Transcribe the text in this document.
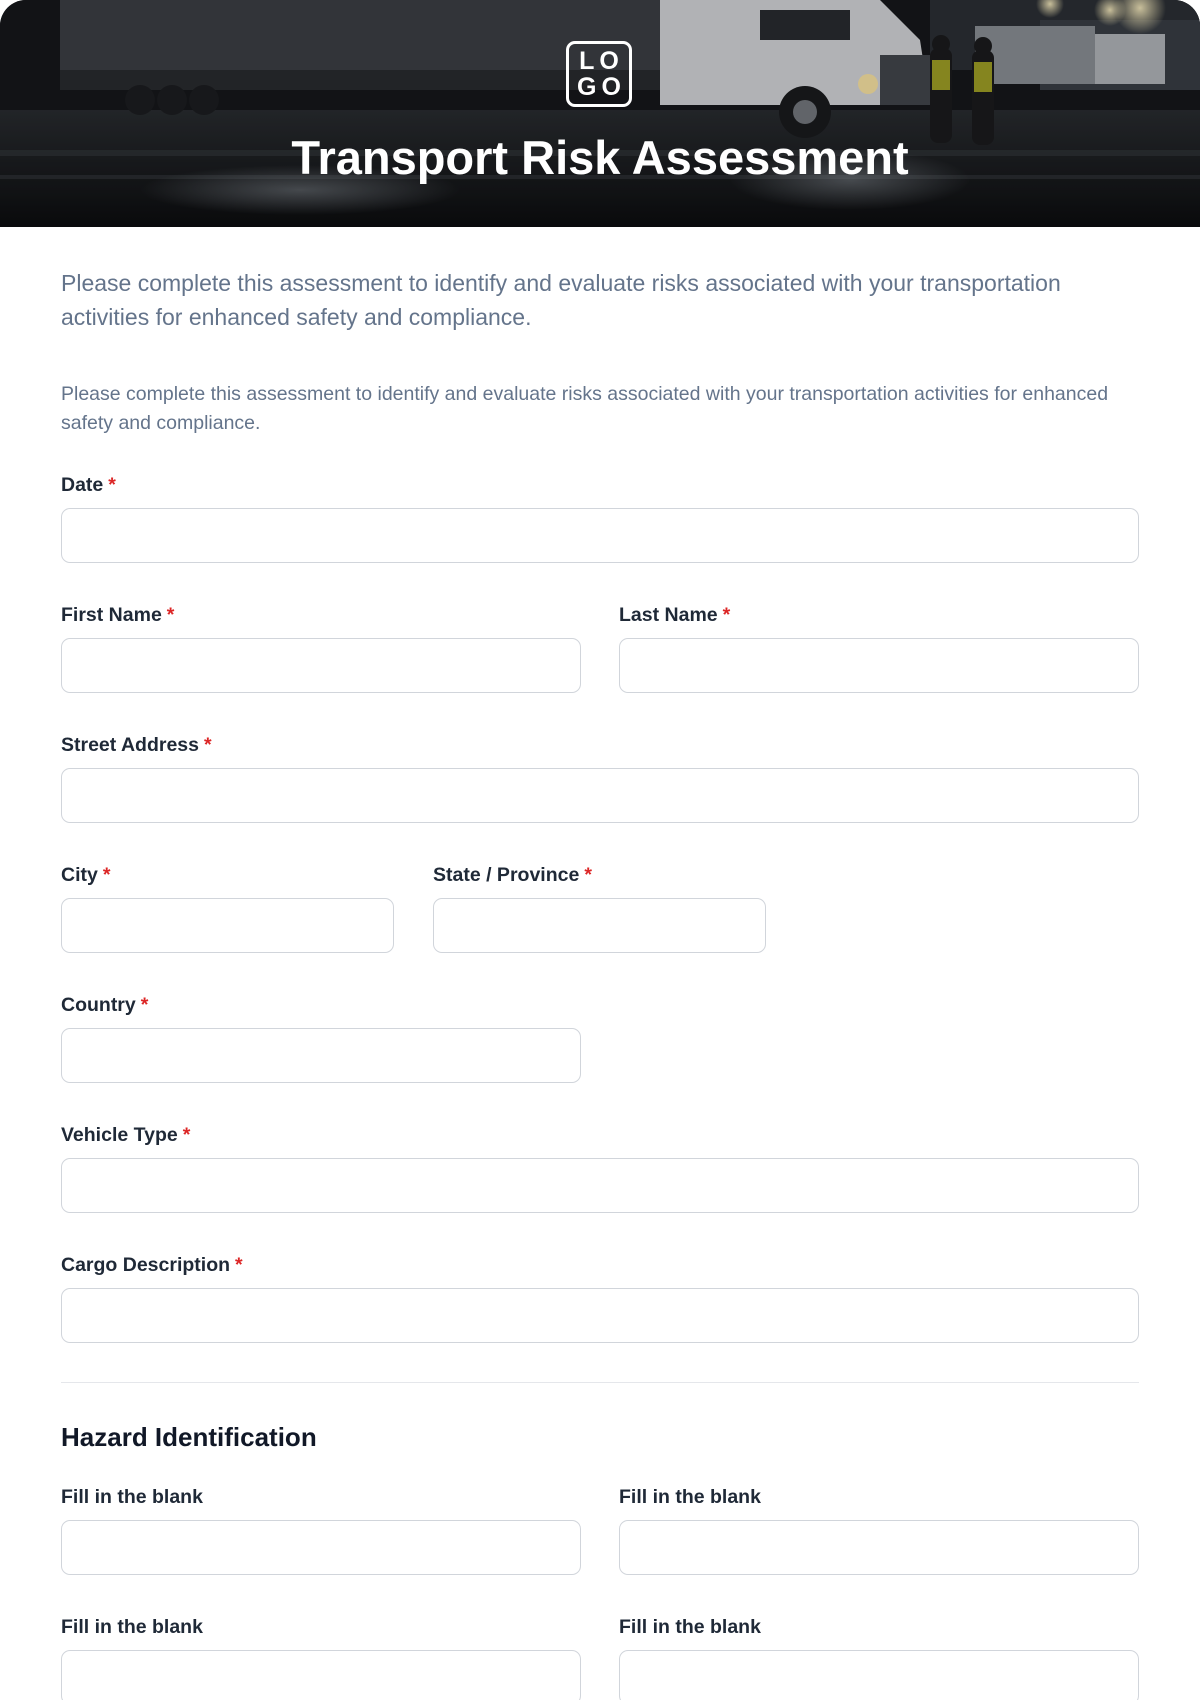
LO
GO
Transport Risk Assessment

Please complete this assessment to identify and evaluate risks associated with your transportation activities for enhanced safety and compliance.

Please complete this assessment to identify and evaluate risks associated with your transportation activities for enhanced safety and compliance.

Date *
First Name *	Last Name *
Street Address *
City *	State / Province *
Country *
Vehicle Type *
Cargo Description *
Hazard Identification
Fill in the blank	Fill in the blank
Fill in the blank	Fill in the blank
